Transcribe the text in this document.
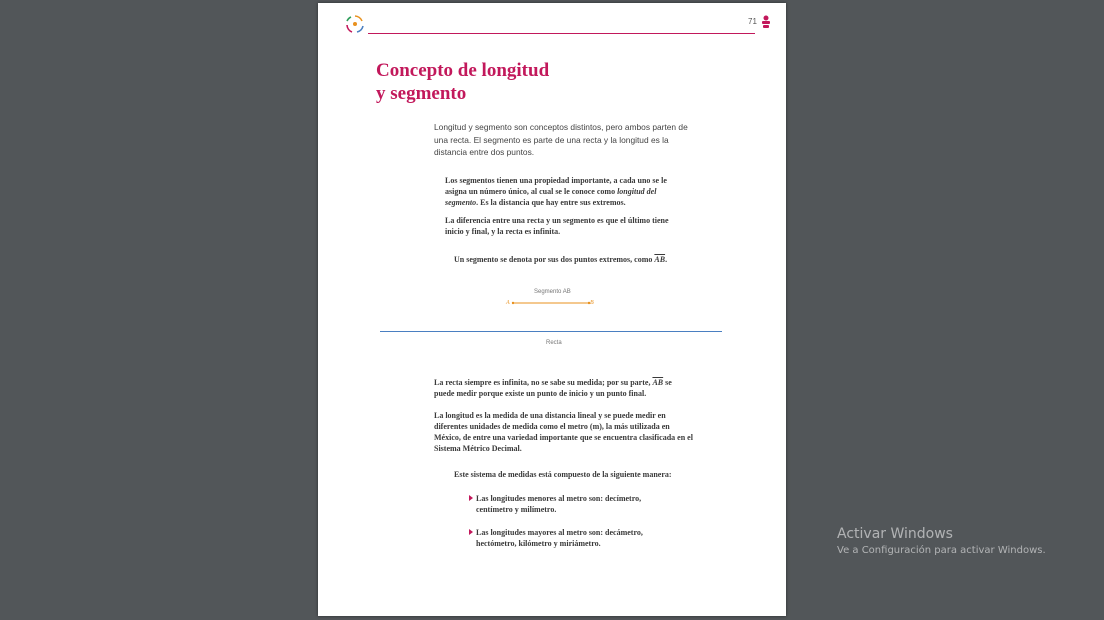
71
Concepto de longitud
y segmento

Longitud y segmento son conceptos distintos, pero ambos parten de una recta. El segmento es parte de una recta y la longitud es la distancia entre dos puntos.

Los segmentos tienen una propiedad importante, a cada uno se le asigna un número único, al cual se le conoce como longitud del segmento. Es la distancia que hay entre sus extremos.

La diferencia entre una recta y un segmento es que el último tiene inicio y final, y la recta es infinita.

Un segmento se denota por sus dos puntos extremos, como $\overline{AB}$.

Segmento AB
A	B
Recta

La recta siempre es infinita, no se sabe su medida; por su parte, $\overline{AB}$ se puede medir porque existe un punto de inicio y un punto final.

La longitud es la medida de una distancia lineal y se puede medir en diferentes unidades de medida como el metro (m), la más utilizada en México, de entre una variedad importante que se encuentra clasificada en el Sistema Métrico Decimal.

Este sistema de medidas está compuesto de la siguiente manera:

Las longitudes menores al metro son: decímetro, centímetro y milímetro.

Las longitudes mayores al metro son: decámetro, hectómetro, kilómetro y miriámetro.

Activar Windows

Ve a Configuración para activar Windows.
